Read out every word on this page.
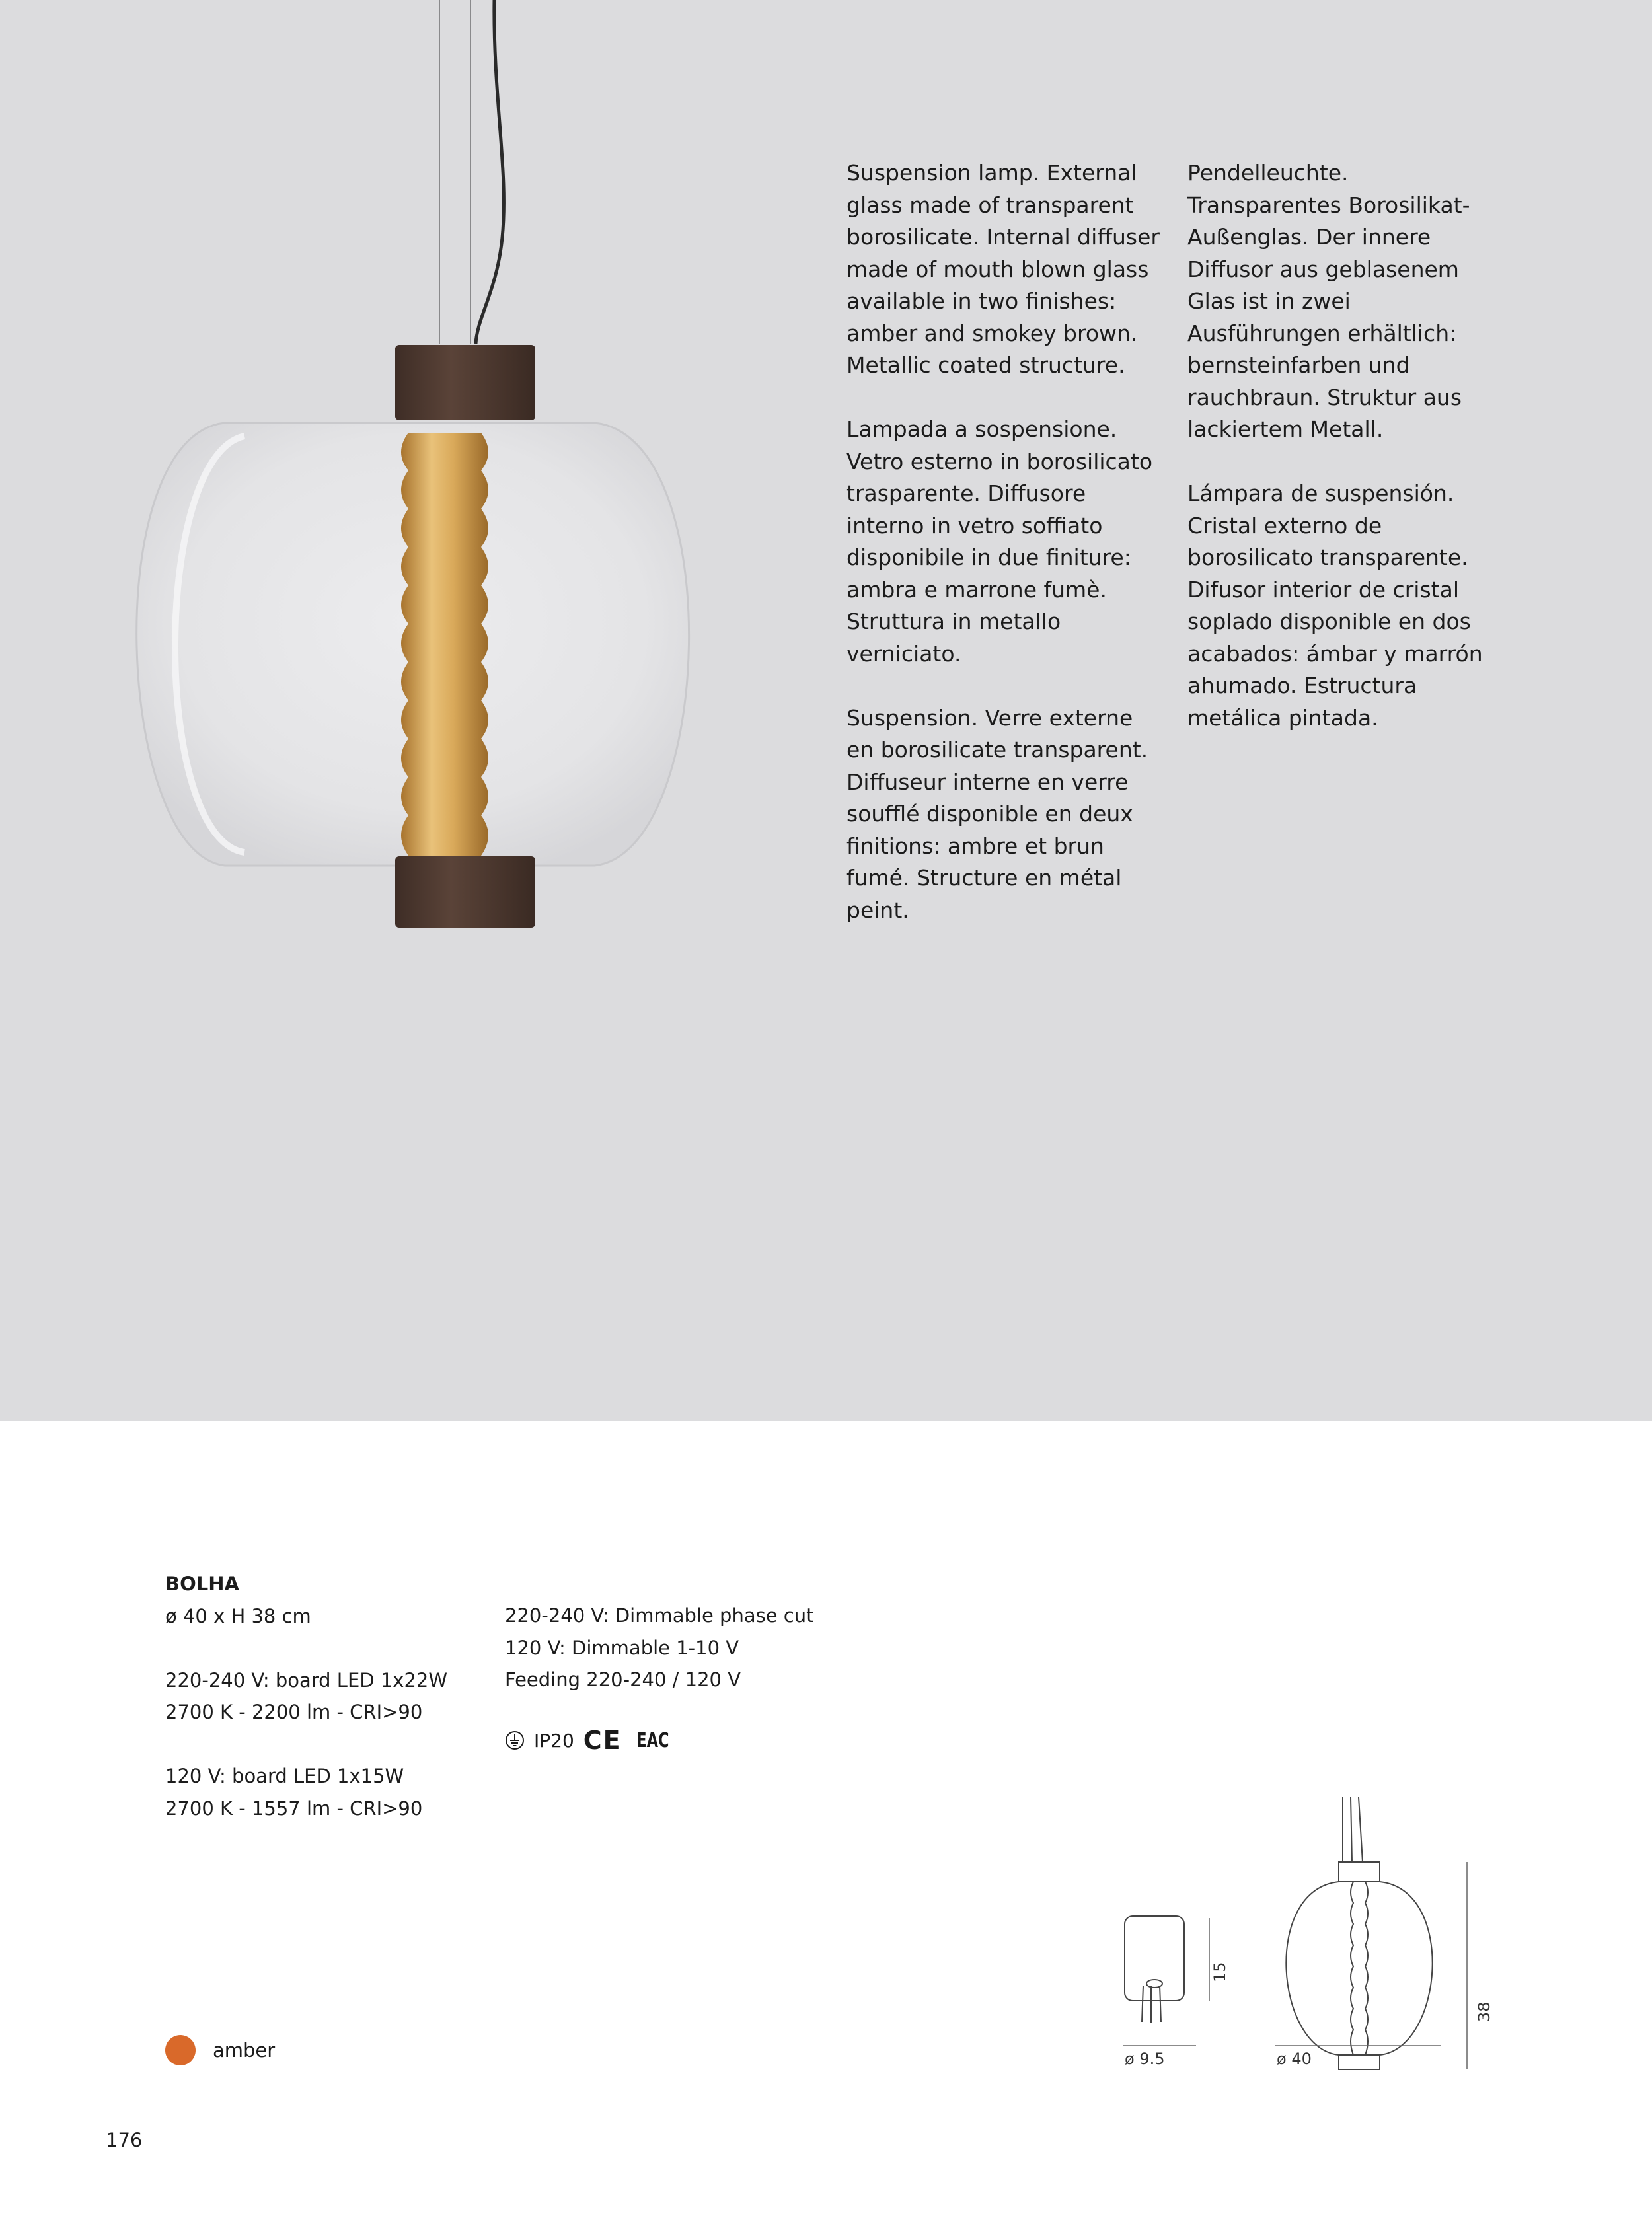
Suspension lamp. External
glass made of transparent
borosilicate. Internal diffuser
made of mouth blown glass
available in two finishes:
amber and smokey brown.
Metallic coated structure.

Lampada a sospensione.
Vetro esterno in borosilicato
trasparente. Diffusore
interno in vetro soffiato
disponibile in due finiture:
ambra e marrone fumè.
Struttura in metallo
verniciato.

Suspension. Verre externe
en borosilicate transparent.
Diffuseur interne en verre
soufflé disponible en deux
finitions: ambre et brun
fumé. Structure en métal
peint.

Pendelleuchte.
Transparentes Borosilikat-
Außenglas. Der innere
Diffusor aus geblasenem
Glas ist in zwei
Ausführungen erhältlich:
bernsteinfarben und
rauchbraun. Struktur aus
lackiertem Metall.

Lámpara de suspensión.
Cristal externo de
borosilicato transparente.
Difusor interior de cristal
soplado disponible en dos
acabados: ámbar y marrón
ahumado. Estructura
metálica pintada.

BOLHA
ø 40 x H 38 cm
220-240 V: board LED 1x22W
2700 K - 2200 lm - CRI>90
120 V: board LED 1x15W
2700 K - 1557 lm - CRI>90
220-240 V: Dimmable phase cut
120 V: Dimmable 1-10 V
Feeding 220-240 / 120 V
IP20 CE EAC
amber	ø 9.5
15
ø 40
38
176
